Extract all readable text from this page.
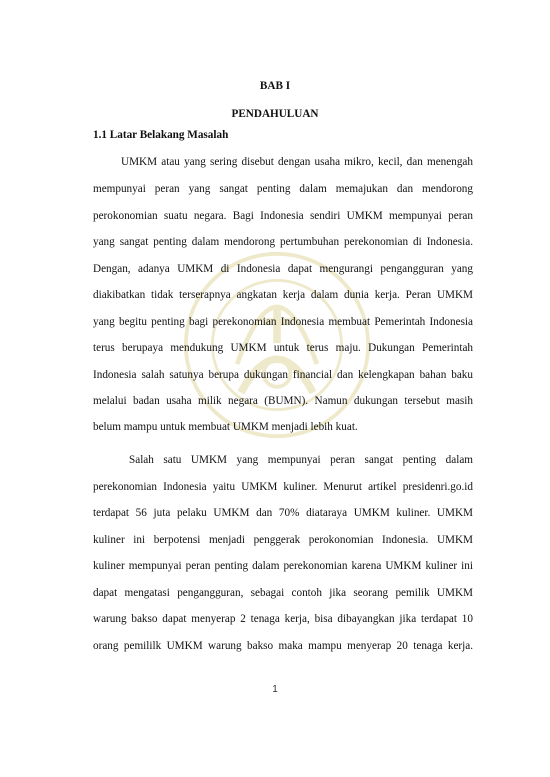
BAB I
PENDAHULUAN
1.1 Latar Belakang Masalah
UMKM atau yang sering disebut dengan usaha mikro, kecil, dan menengah
mempunyai peran yang sangat penting dalam memajukan dan mendorong
perokonomian suatu negara. Bagi Indonesia sendiri UMKM mempunyai peran
yang sangat penting dalam mendorong pertumbuhan perekonomian di Indonesia.
Dengan, adanya UMKM di Indonesia dapat mengurangi pengangguran yang
diakibatkan tidak terserapnya angkatan kerja dalam dunia kerja. Peran UMKM
yang begitu penting bagi perekonomian Indonesia membuat Pemerintah Indonesia
terus berupaya mendukung UMKM untuk terus maju. Dukungan Pemerintah
Indonesia salah satunya berupa dukungan financial dan kelengkapan bahan baku
melalui badan usaha milik negara (BUMN). Namun dukungan tersebut masih
belum mampu untuk membuat UMKM menjadi lebih kuat.
Salah satu UMKM yang mempunyai peran sangat penting dalam
perekonomian Indonesia yaitu UMKM kuliner. Menurut artikel presidenri.go.id
terdapat 56 juta pelaku UMKM dan 70% diataraya UMKM kuliner. UMKM
kuliner ini berpotensi menjadi penggerak perokonomian Indonesia. UMKM
kuliner mempunyai peran penting dalam perekonomian karena UMKM kuliner ini
dapat mengatasi pengangguran, sebagai contoh jika seorang pemilik UMKM
warung bakso dapat menyerap 2 tenaga kerja, bisa dibayangkan jika terdapat 10
orang pemililk UMKM warung bakso maka mampu menyerap 20 tenaga kerja.
1
